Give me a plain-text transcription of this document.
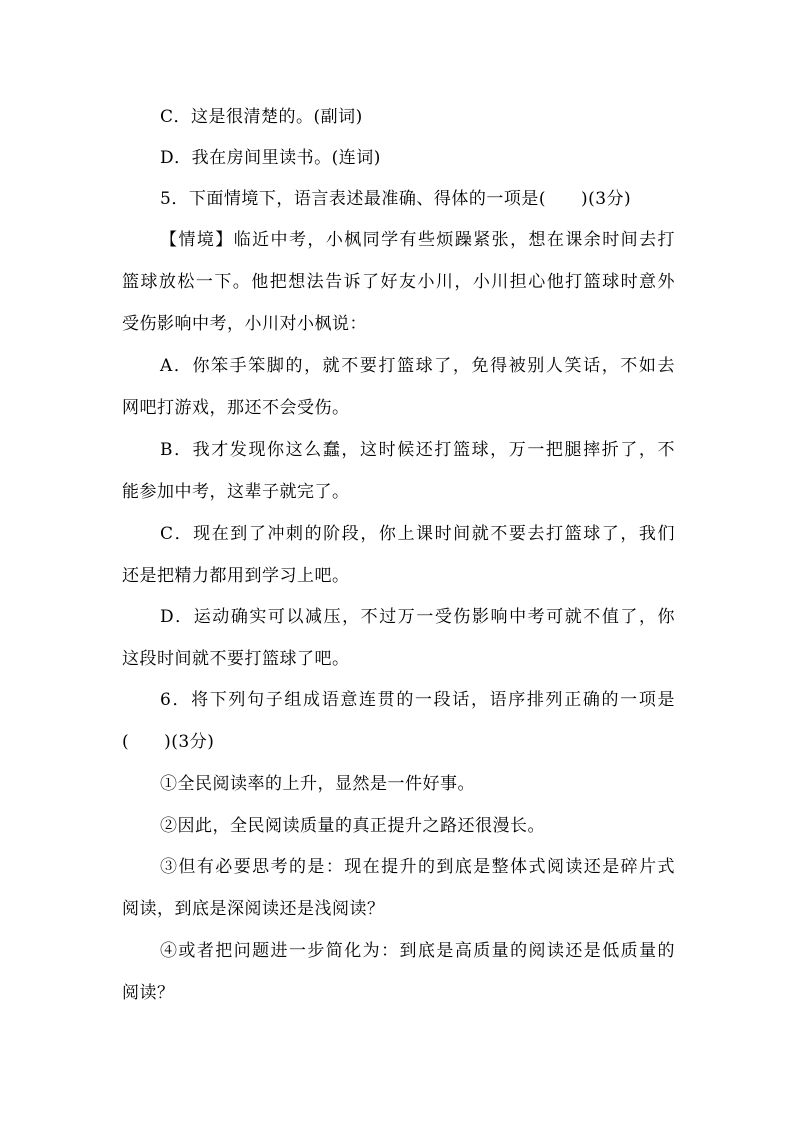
C．这是很清楚的。(副词)

D．我在房间里读书。(连词)

5．下面情境下，语言表述最准确、得体的一项是(　　)(3分)

【情境】临近中考，小枫同学有些烦躁紧张，想在课余时间去打

篮球放松一下。他把想法告诉了好友小川，小川担心他打篮球时意外

受伤影响中考，小川对小枫说：

A．你笨手笨脚的，就不要打篮球了，免得被别人笑话，不如去

网吧打游戏，那还不会受伤。

B．我才发现你这么蠢，这时候还打篮球，万一把腿摔折了，不

能参加中考，这辈子就完了。

C．现在到了冲刺的阶段，你上课时间就不要去打篮球了，我们

还是把精力都用到学习上吧。

D．运动确实可以减压，不过万一受伤影响中考可就不值了，你

这段时间就不要打篮球了吧。

6．将下列句子组成语意连贯的一段话，语序排列正确的一项是

(　　)(3分)

①全民阅读率的上升，显然是一件好事。

②因此，全民阅读质量的真正提升之路还很漫长。

③但有必要思考的是：现在提升的到底是整体式阅读还是碎片式

阅读，到底是深阅读还是浅阅读？

④或者把问题进一步简化为：到底是高质量的阅读还是低质量的

阅读？
